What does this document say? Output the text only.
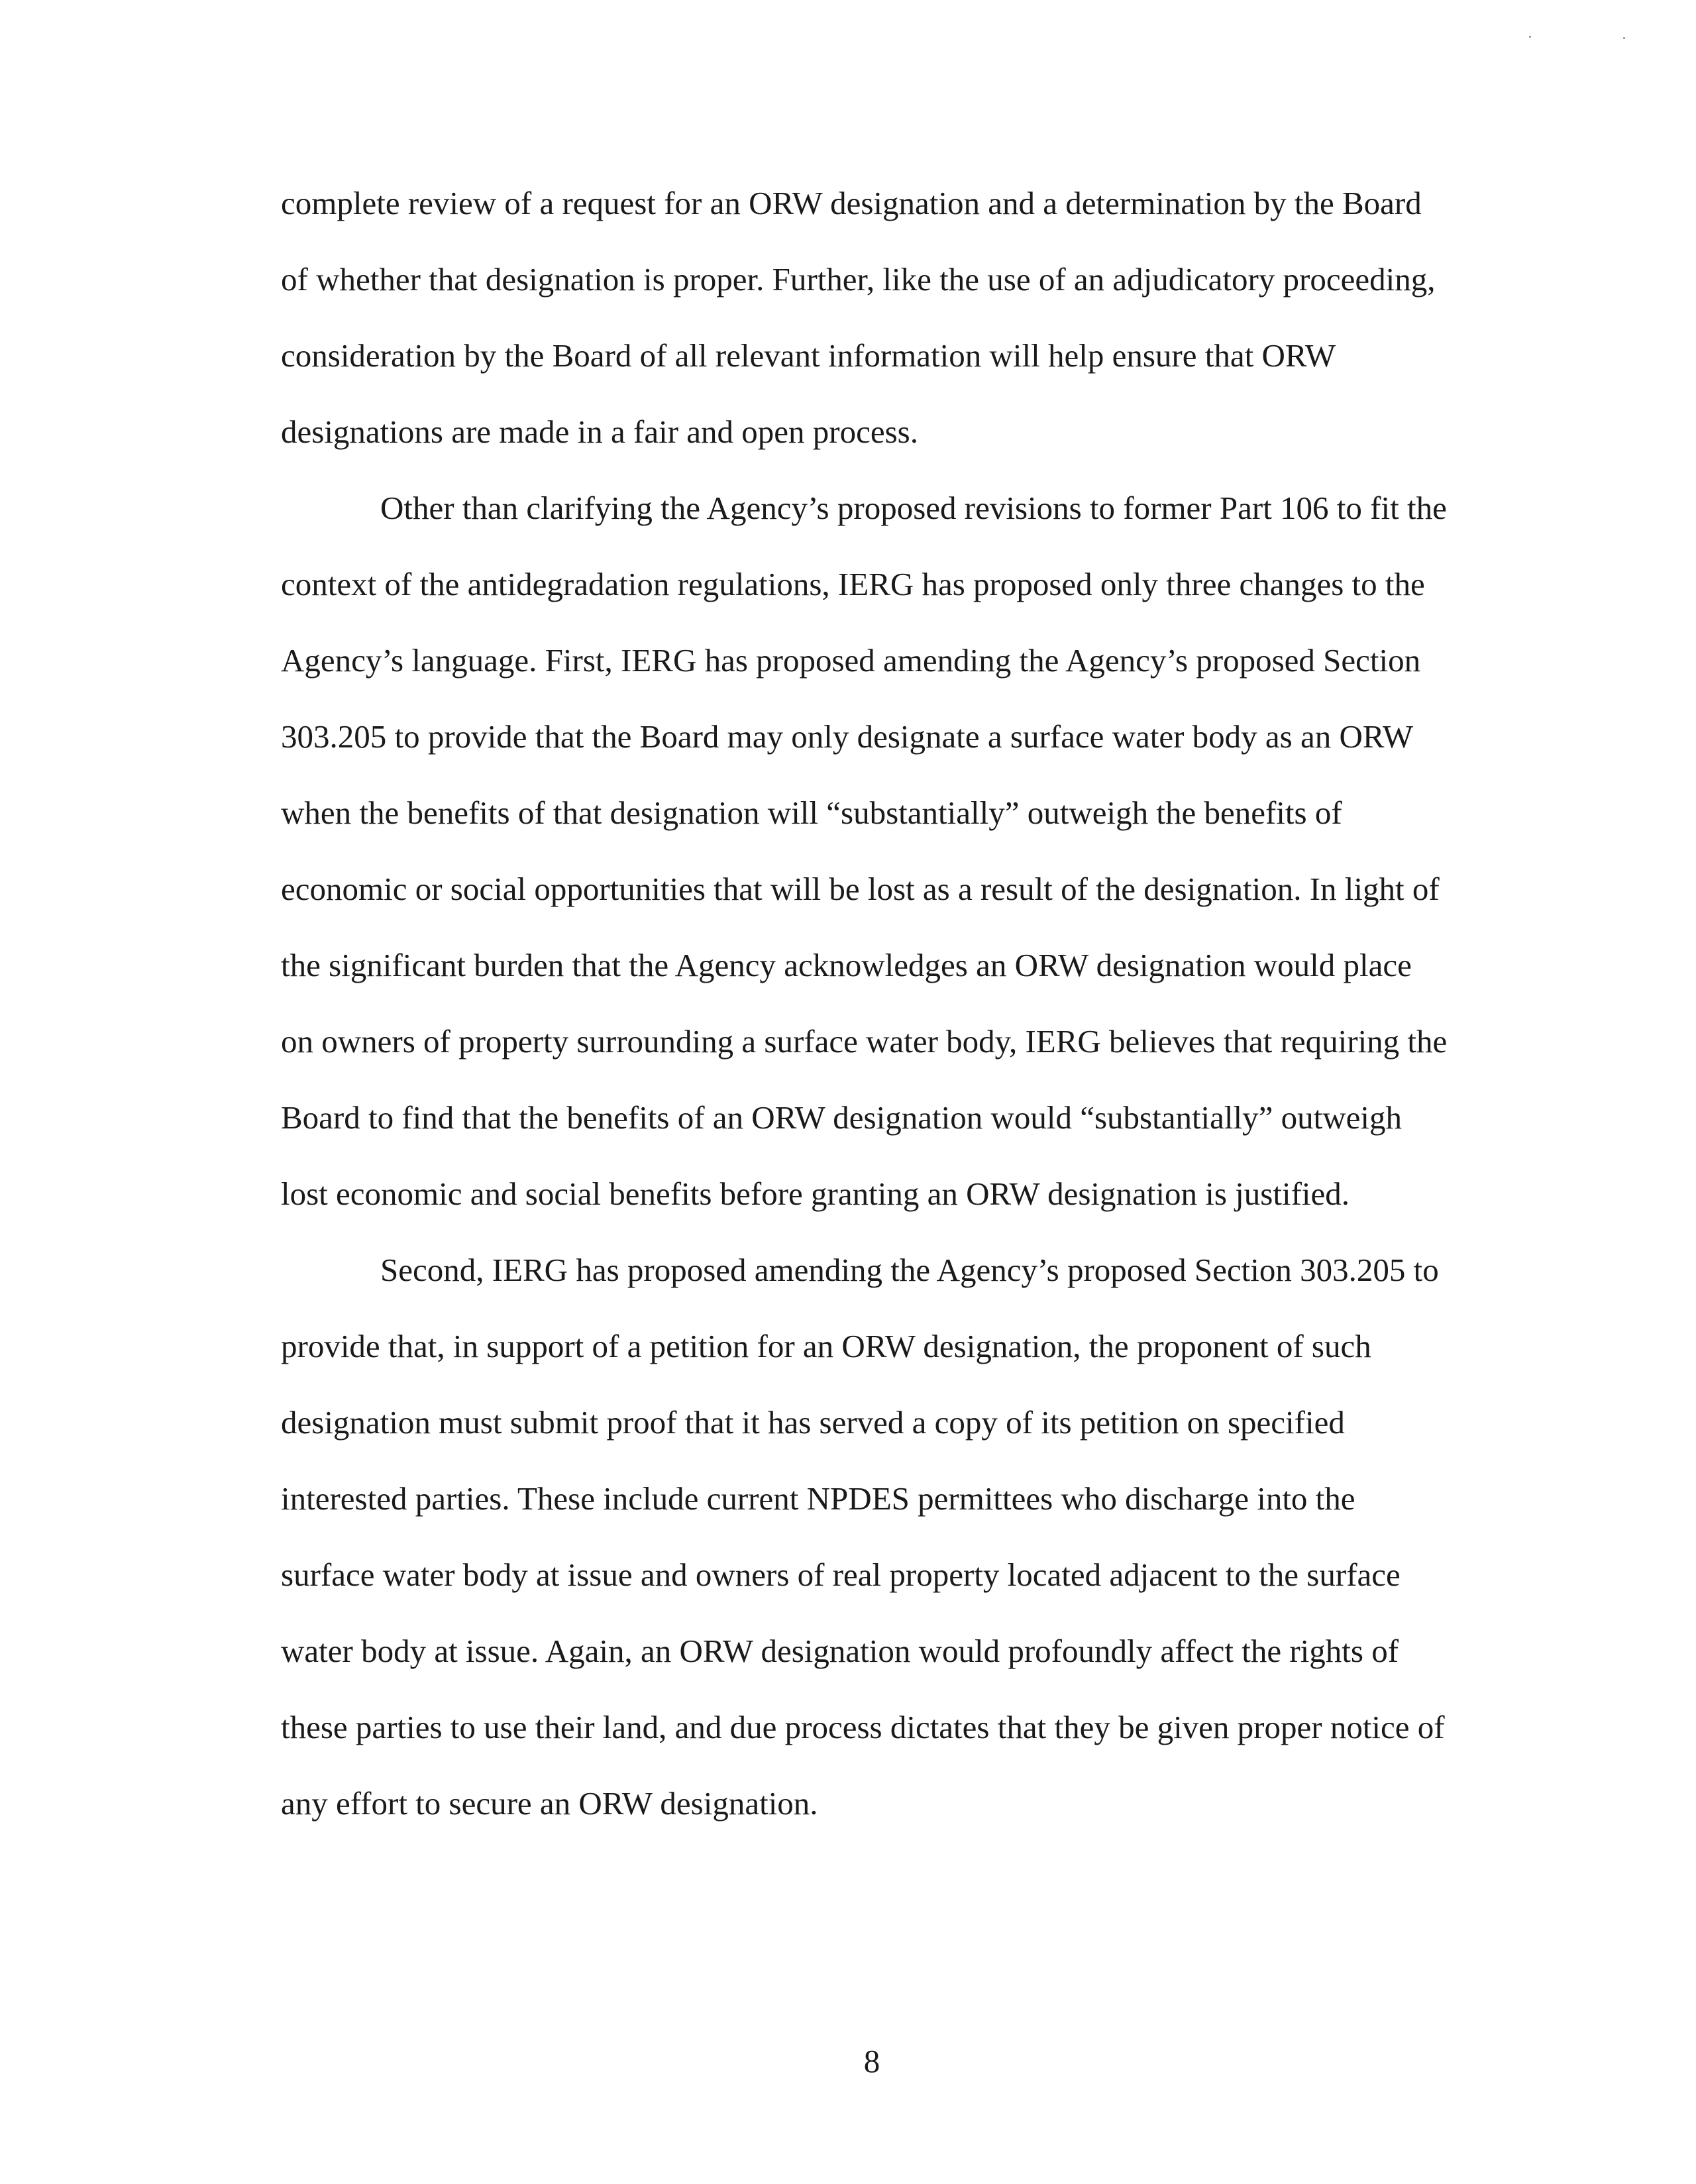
complete review of a request for an ORW designation and a determination by the Board
of whether that designation is proper. Further, like the use of an adjudicatory proceeding,
consideration by the Board of all relevant information will help ensure that ORW
designations are made in a fair and open process.
Other than clarifying the Agency’s proposed revisions to former Part 106 to fit the
context of the antidegradation regulations, IERG has proposed only three changes to the
Agency’s language. First, IERG has proposed amending the Agency’s proposed Section
303.205 to provide that the Board may only designate a surface water body as an ORW
when the benefits of that designation will “substantially” outweigh the benefits of
economic or social opportunities that will be lost as a result of the designation. In light of
the significant burden that the Agency acknowledges an ORW designation would place
on owners of property surrounding a surface water body, IERG believes that requiring the
Board to find that the benefits of an ORW designation would “substantially” outweigh
lost economic and social benefits before granting an ORW designation is justified.
Second, IERG has proposed amending the Agency’s proposed Section 303.205 to
provide that, in support of a petition for an ORW designation, the proponent of such
designation must submit proof that it has served a copy of its petition on specified
interested parties. These include current NPDES permittees who discharge into the
surface water body at issue and owners of real property located adjacent to the surface
water body at issue. Again, an ORW designation would profoundly affect the rights of
these parties to use their land, and due process dictates that they be given proper notice of
any effort to secure an ORW designation.
8
